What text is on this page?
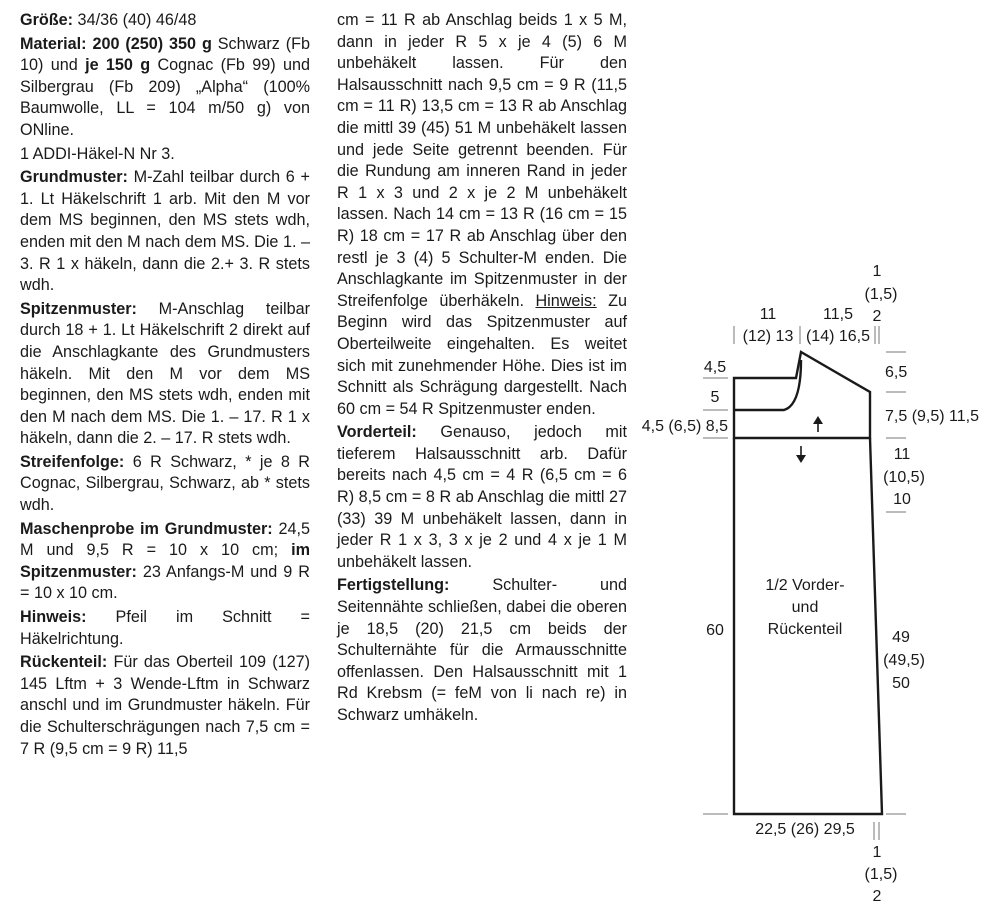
Größe: 34/36 (40) 46/48

Material: 200 (250) 350 g Schwarz (Fb 10) und je 150 g Cognac (Fb 99) und Silbergrau (Fb 209) „Alpha“ (100% Baumwolle, LL = 104 m/50 g) von ONline.

1 ADDI-Häkel-N Nr 3.

Grundmuster: M-Zahl teilbar durch 6 + 1. Lt Häkelschrift 1 arb. Mit den M vor dem MS beginnen, den MS stets wdh, enden mit den M nach dem MS. Die 1. – 3. R 1 x häkeln, dann die 2.+ 3. R stets wdh.

Spitzenmuster: M-Anschlag teilbar durch 18 + 1. Lt Häkelschrift 2 direkt auf die Anschlagkante des Grundmusters häkeln. Mit den M vor dem MS beginnen, den MS stets wdh, enden mit den M nach dem MS. Die 1. – 17. R 1 x häkeln, dann die 2. – 17. R stets wdh.

Streifenfolge: 6 R Schwarz, * je 8 R Cognac, Silbergrau, Schwarz, ab * stets wdh.

Maschenprobe im Grundmuster: 24,5 M und 9,5 R = 10 x 10 cm; im Spitzenmuster: 23 Anfangs-M und 9 R = 10 x 10 cm.

Hinweis: Pfeil im Schnitt = Häkelrichtung.

Rückenteil: Für das Oberteil 109 (127) 145 Lftm + 3 Wende-Lftm in Schwarz anschl und im Grundmuster häkeln. Für die Schulterschrägungen nach 7,5 cm = 7 R (9,5 cm = 9 R) 11,5

cm = 11 R ab Anschlag beids 1 x 5 M, dann in jeder R 5 x je 4 (5) 6 M unbehäkelt lassen. Für den Halsausschnitt nach 9,5 cm = 9 R (11,5 cm = 11 R) 13,5 cm = 13 R ab Anschlag die mittl 39 (45) 51 M unbehäkelt lassen und jede Seite getrennt beenden. Für die Rundung am inneren Rand in jeder R 1 x 3 und 2 x je 2 M unbehäkelt lassen. Nach 14 cm = 13 R (16 cm = 15 R) 18 cm = 17 R ab Anschlag über den restl je 3 (4) 5 Schulter-M enden. Die Anschlagkante im Spitzenmuster in der Streifenfolge überhäkeln. Hinweis: Zu Beginn wird das Spitzenmuster auf Oberteilweite eingehalten. Es weitet sich mit zunehmender Höhe. Dies ist im Schnitt als Schrägung dargestellt. Nach 60 cm = 54 R Spitzenmuster enden.

Vorderteil: Genauso, jedoch mit tieferem Halsausschnitt arb. Dafür bereits nach 4,5 cm = 4 R (6,5 cm = 6 R) 8,5 cm = 8 R ab Anschlag die mittl 27 (33) 39 M unbehäkelt lassen, dann in jeder R 1 x 3, 3 x je 2 und 4 x je 1 M unbehäkelt lassen.

Fertigstellung: Schulter- und Seitennähte schließen, dabei die oberen je 18,5 (20) 21,5 cm beids der Schulternähte für die Armausschnitte offenlassen. Den Halsausschnitt mit 1 Rd Krebsm (= feM von li nach re) in Schwarz umhäkeln.

1
(1,5)
2
11
(12) 13
11,5
(14) 16,5
4,5
5
4,5 (6,5) 8,5
6,5
7,5 (9,5) 11,5
11
(10,5)
10
1/2 Vorder-
und
Rückenteil
60	49
(49,5)
50
22,5 (26) 29,5
1
(1,5)
2
